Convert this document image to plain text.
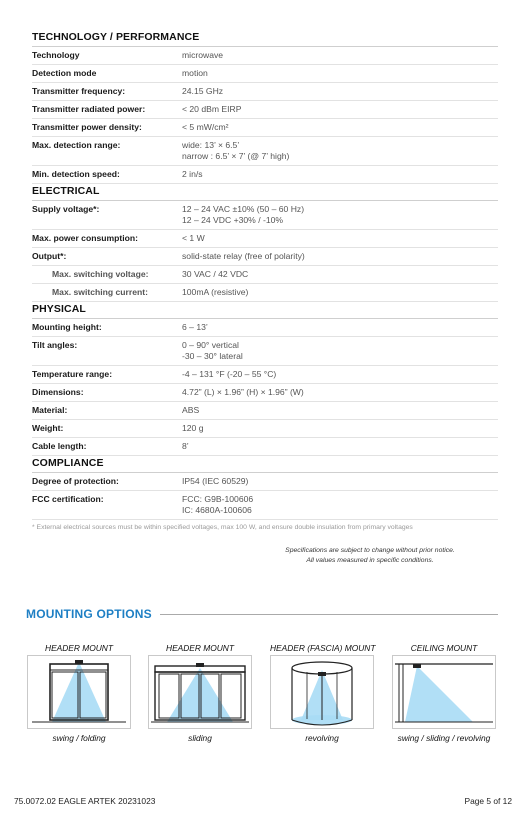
TECHNOLOGY / PERFORMANCE
Technology	microwave
Detection mode	motion
Transmitter frequency:	24.15 GHz
Transmitter radiated power:	< 20 dBm EIRP
Transmitter power density:	< 5 mW/cm²
Max. detection range:	wide: 13’ × 6.5’
narrow : 6.5’ × 7’ (@ 7’ high)
Min. detection speed:	2 in/s
ELECTRICAL
Supply voltage*:	12 – 24 VAC ±10% (50 – 60 Hz)
12 – 24 VDC +30% / -10%
Max. power consumption:	< 1 W
Output*:	solid-state relay (free of polarity)
Max. switching voltage:	30 VAC / 42 VDC
Max. switching current:	100mA (resistive)
PHYSICAL
Mounting height:	6 – 13’
Tilt angles:	0 – 90° vertical
-30 – 30° lateral
Temperature range:	-4 – 131 °F (-20 – 55 °C)
Dimensions:	4.72” (L) × 1.96” (H) × 1.96” (W)
Material:	ABS
Weight:	120 g
Cable length:	8’
COMPLIANCE
Degree of protection:	IP54 (IEC 60529)
FCC certification:	FCC: G9B-100606
IC: 4680A-100606
* External electrical sources must be within specified voltages, max 100 W, and ensure double insulation from primary voltages
Specifications are subject to change without prior notice.
All values measured in specific conditions.
MOUNTING OPTIONS
HEADER MOUNT
swing / folding
HEADER MOUNT
sliding
HEADER (FASCIA) MOUNT
revolving
CEILING MOUNT
swing / sliding / revolving
75.0072.02 EAGLE ARTEK 20231023	Page 5 of 12
